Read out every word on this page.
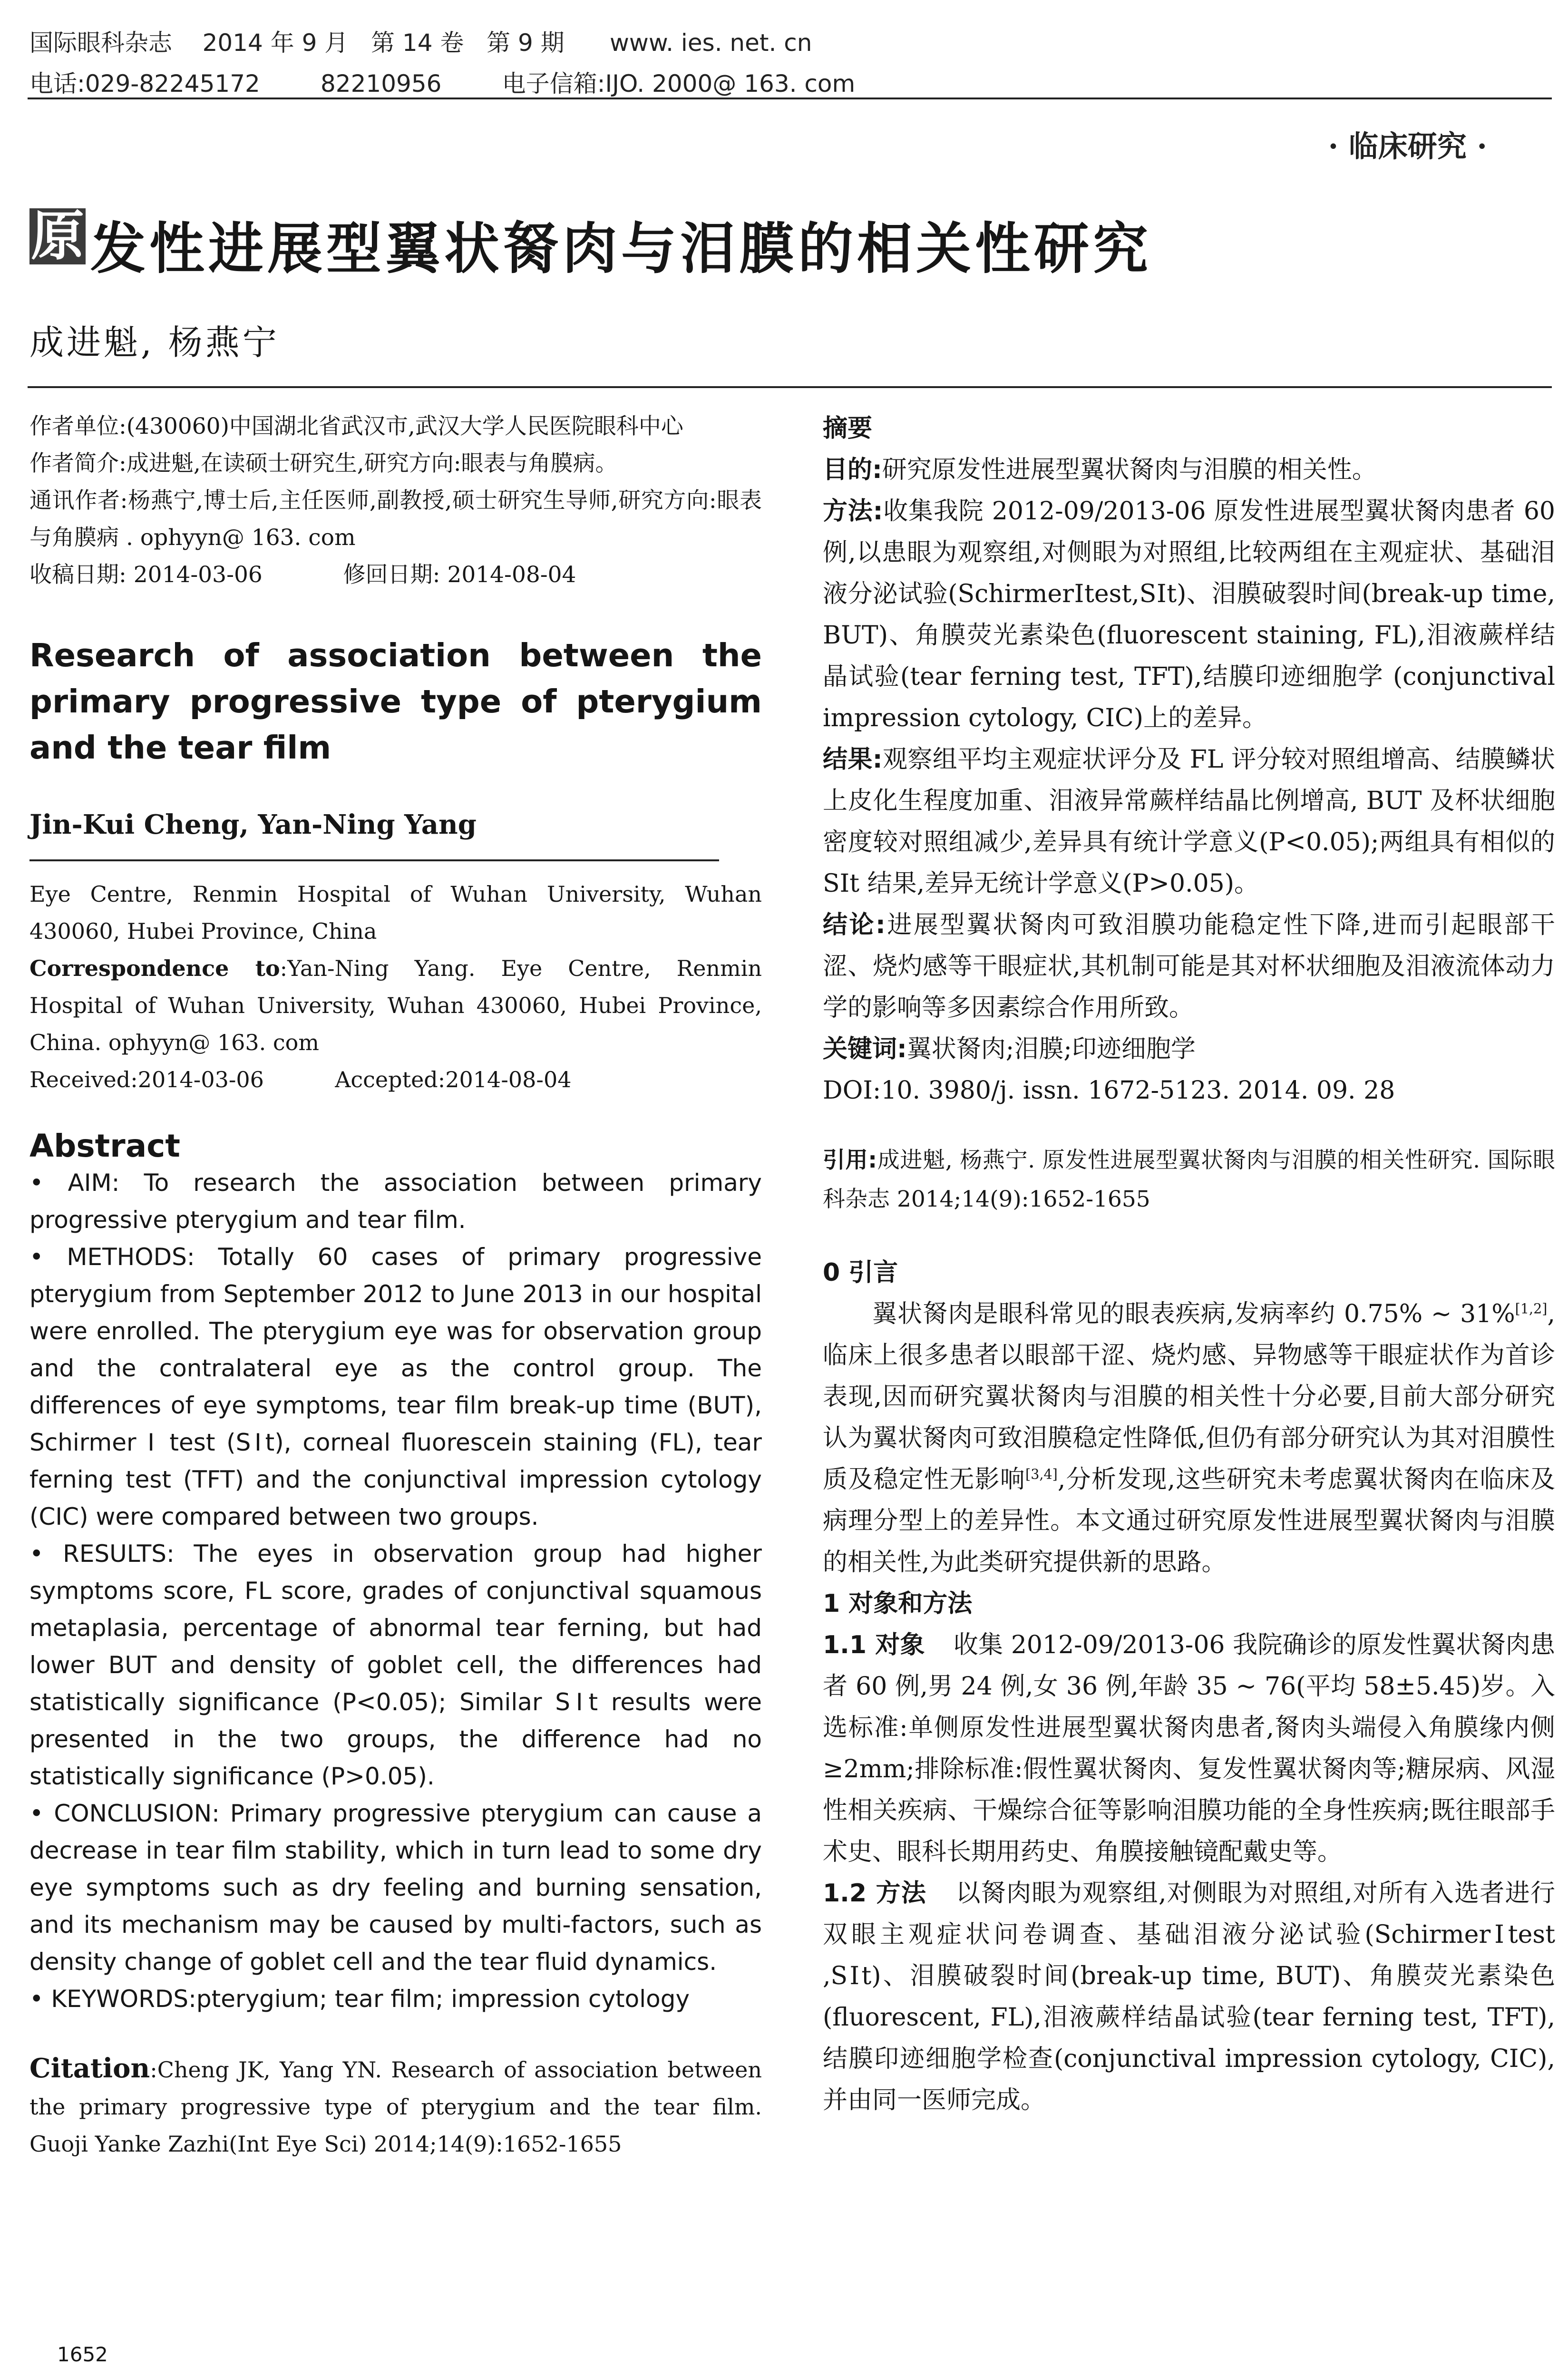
国际眼科杂志    2014 年 9 月   第 14 卷   第 9 期      www. ies. net. cn
电话:029-82245172        82210956        电子信箱:IJO. 2000@ 163. com
· 临床研究 ·
原 发性进展型翼状胬肉与泪膜的相关性研究
成进魁, 杨燕宁

作者单位:(430060)中国湖北省武汉市,武汉大学人民医院眼科中心

作者简介:成进魁,在读硕士研究生,研究方向:眼表与角膜病。

通讯作者:杨燕宁,博士后,主任医师,副教授,硕士研究生导师,研究方向:眼表与角膜病 . ophyyn@ 163. com

收稿日期: 2014-03-06	修回日期: 2014-08-04

Research of association between the primary progressive type of pterygium and the tear film

Jin-Kui Cheng, Yan-Ning Yang

Eye Centre, Renmin Hospital of Wuhan University, Wuhan 430060, Hubei Province, China

Correspondence to:Yan-Ning Yang. Eye Centre, Renmin Hospital of Wuhan University, Wuhan 430060, Hubei Province, China. ophyyn@ 163. com

Received:2014-03-06	Accepted:2014-08-04

Abstract

• AIM: To research the association between primary progressive pterygium and tear film.

• METHODS: Totally 60 cases of primary progressive pterygium from September 2012 to June 2013 in our hospital were enrolled. The pterygium eye was for observation group and the contralateral eye as the control group. The differences of eye symptoms, tear film break-up time (BUT), Schirmer Ⅰ test (SⅠt), corneal fluorescein staining (FL), tear ferning test (TFT) and the conjunctival impression cytology (CIC) were compared between two groups.

• RESULTS: The eyes in observation group had higher symptoms score, FL score, grades of conjunctival squamous metaplasia, percentage of abnormal tear ferning, but had lower BUT and density of goblet cell, the differences had statistically significance (P<0.05); Similar SⅠt results were presented in the two groups, the difference had no statistically significance (P>0.05).

• CONCLUSION: Primary progressive pterygium can cause a decrease in tear film stability, which in turn lead to some dry eye symptoms such as dry feeling and burning sensation, and its mechanism may be caused by multi-factors, such as density change of goblet cell and the tear fluid dynamics.

• KEYWORDS:pterygium; tear film; impression cytology

Citation:Cheng JK, Yang YN. Research of association between the primary progressive type of pterygium and the tear film. Guoji Yanke Zazhi(Int Eye Sci) 2014;14(9):1652-1655

摘要

目的:研究原发性进展型翼状胬肉与泪膜的相关性。

方法:收集我院 2012-09/2013-06 原发性进展型翼状胬肉患者 60 例,以患眼为观察组,对侧眼为对照组,比较两组在主观症状、基础泪液分泌试验(SchirmerⅠtest,SⅠt)、泪膜破裂时间(break-up time, BUT)、角膜荧光素染色(fluorescent staining, FL),泪液蕨样结晶试验(tear ferning test, TFT),结膜印迹细胞学 (conjunctival impression cytology, CIC)上的差异。

结果:观察组平均主观症状评分及 FL 评分较对照组增高、结膜鳞状上皮化生程度加重、泪液异常蕨样结晶比例增高, BUT 及杯状细胞密度较对照组减少,差异具有统计学意义(P<0.05);两组具有相似的 SⅠt 结果,差异无统计学意义(P>0.05)。

结论:进展型翼状胬肉可致泪膜功能稳定性下降,进而引起眼部干涩、烧灼感等干眼症状,其机制可能是其对杯状细胞及泪液流体动力学的影响等多因素综合作用所致。

关键词:翼状胬肉;泪膜;印迹细胞学

DOI:10. 3980/j. issn. 1672-5123. 2014. 09. 28

引用:成进魁, 杨燕宁. 原发性进展型翼状胬肉与泪膜的相关性研究. 国际眼科杂志 2014;14(9):1652-1655

0 引言

翼状胬肉是眼科常见的眼表疾病,发病率约 0.75% ~ 31%[1,2],临床上很多患者以眼部干涩、烧灼感、异物感等干眼症状作为首诊表现,因而研究翼状胬肉与泪膜的相关性十分必要,目前大部分研究认为翼状胬肉可致泪膜稳定性降低,但仍有部分研究认为其对泪膜性质及稳定性无影响[3,4],分析发现,这些研究未考虑翼状胬肉在临床及病理分型上的差异性。本文通过研究原发性进展型翼状胬肉与泪膜的相关性,为此类研究提供新的思路。

1 对象和方法

1.1 对象 收集 2012-09/2013-06 我院确诊的原发性翼状胬肉患者 60 例,男 24 例,女 36 例,年龄 35 ~ 76(平均 58±5.45)岁。入选标准:单侧原发性进展型翼状胬肉患者,胬肉头端侵入角膜缘内侧≥2mm;排除标准:假性翼状胬肉、复发性翼状胬肉等;糖尿病、风湿性相关疾病、干燥综合征等影响泪膜功能的全身性疾病;既往眼部手术史、眼科长期用药史、角膜接触镜配戴史等。

1.2 方法 以胬肉眼为观察组,对侧眼为对照组,对所有入选者进行双眼主观症状问卷调查、基础泪液分泌试验(SchirmerⅠtest ,SⅠt)、泪膜破裂时间(break-up time, BUT)、角膜荧光素染色(fluorescent, FL),泪液蕨样结晶试验(tear ferning test, TFT),结膜印迹细胞学检查(conjunctival impression cytology, CIC),并由同一医师完成。

1652
